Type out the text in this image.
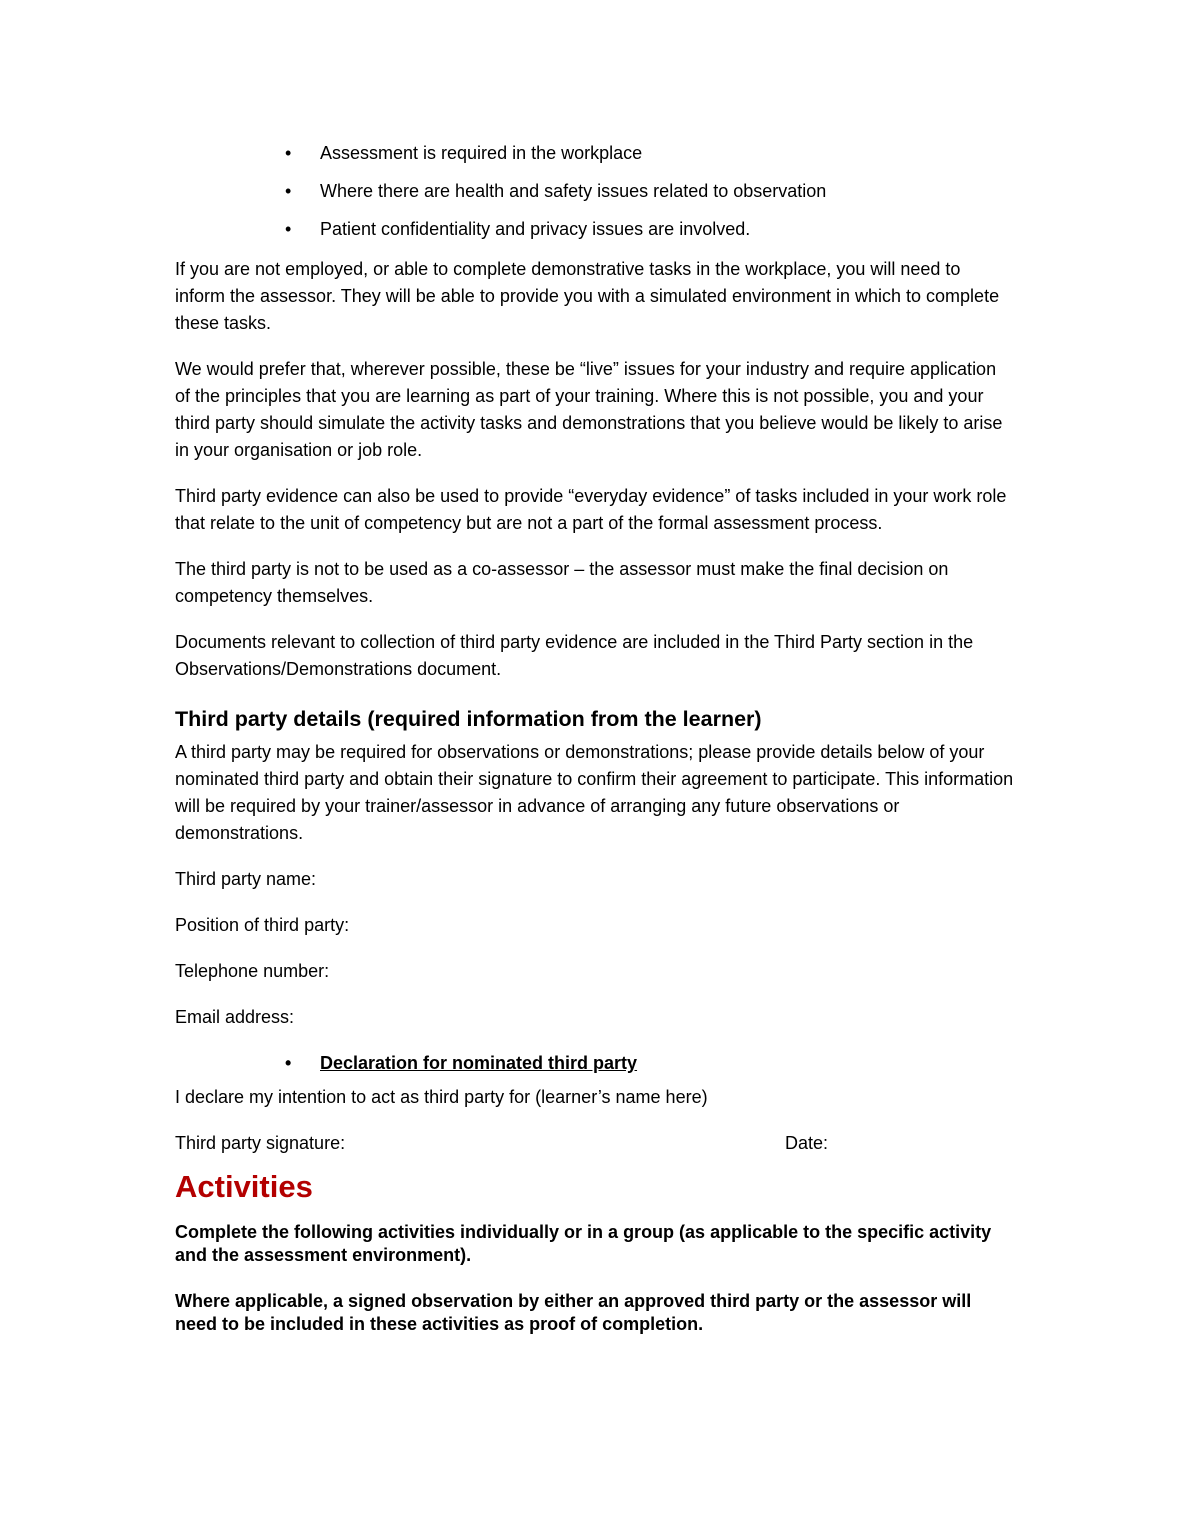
• Assessment is required in the workplace
• Where there are health and safety issues related to observation
• Patient confidentiality and privacy issues are involved.

If you are not employed, or able to complete demonstrative tasks in the workplace, you will need to inform the assessor. They will be able to provide you with a simulated environment in which to complete these tasks.

We would prefer that, wherever possible, these be “live” issues for your industry and require application of the principles that you are learning as part of your training. Where this is not possible, you and your third party should simulate the activity tasks and demonstrations that you believe would be likely to arise in your organisation or job role.

Third party evidence can also be used to provide “everyday evidence” of tasks included in your work role that relate to the unit of competency but are not a part of the formal assessment process.

The third party is not to be used as a co-assessor – the assessor must make the final decision on competency themselves.

Documents relevant to collection of third party evidence are included in the Third Party section in the Observations/Demonstrations document.

Third party details (required information from the learner)

A third party may be required for observations or demonstrations; please provide details below of your nominated third party and obtain their signature to confirm their agreement to participate. This information will be required by your trainer/assessor in advance of arranging any future observations or demonstrations.

Third party name:

Position of third party:

Telephone number:

Email address:

• Declaration for nominated third party

I declare my intention to act as third party for (learner’s name here)

Third party signature:	Date:
Activities

Complete the following activities individually or in a group (as applicable to the specific activity and the assessment environment).

Where applicable, a signed observation by either an approved third party or the assessor will need to be included in these activities as proof of completion.
